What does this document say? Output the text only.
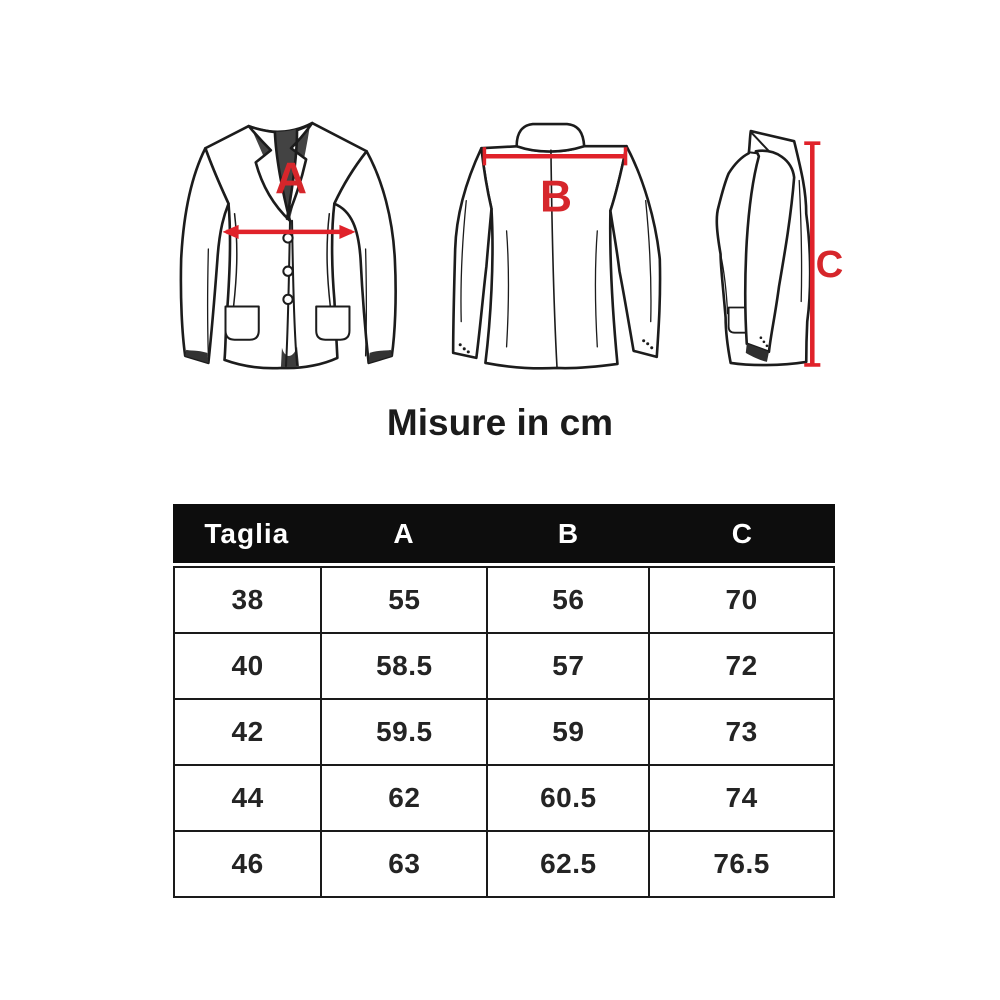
A	B
C
Misure in cm
Taglia	A	B	C
38	55	56	70
40	58.5	57	72
42	59.5	59	73
44	62	60.5	74
46	63	62.5	76.5
